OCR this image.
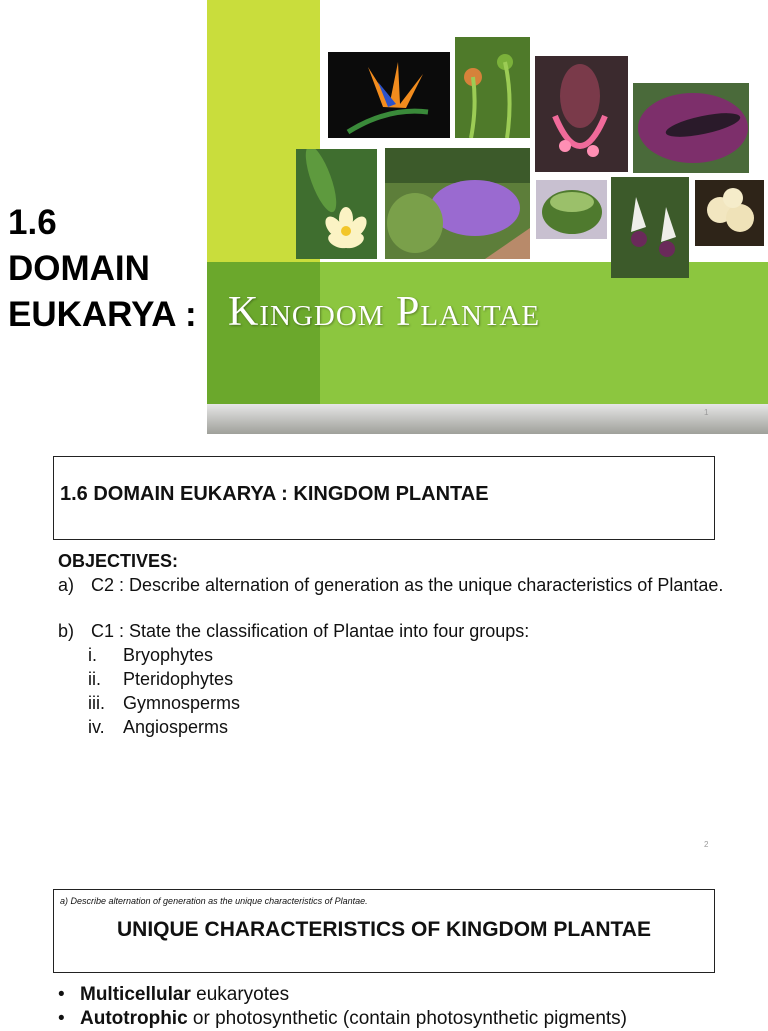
1.6
DOMAIN
EUKARYA : Kingdom Plantae
1
1.6 DOMAIN EUKARYA : KINGDOM PLANTAE
OBJECTIVES:
a) C2 : Describe alternation of generation as the unique characteristics of Plantae.
b) C1 : State the classification of Plantae into four groups:
i.	Bryophytes
ii.	Pteridophytes
iii.	Gymnosperms
iv.	Angiosperms
2
a) Describe alternation of generation as the unique characteristics of Plantae.
UNIQUE CHARACTERISTICS OF KINGDOM PLANTAE
• Multicellular eukaryotes
• Autotrophic or photosynthetic (contain photosynthetic pigments)
